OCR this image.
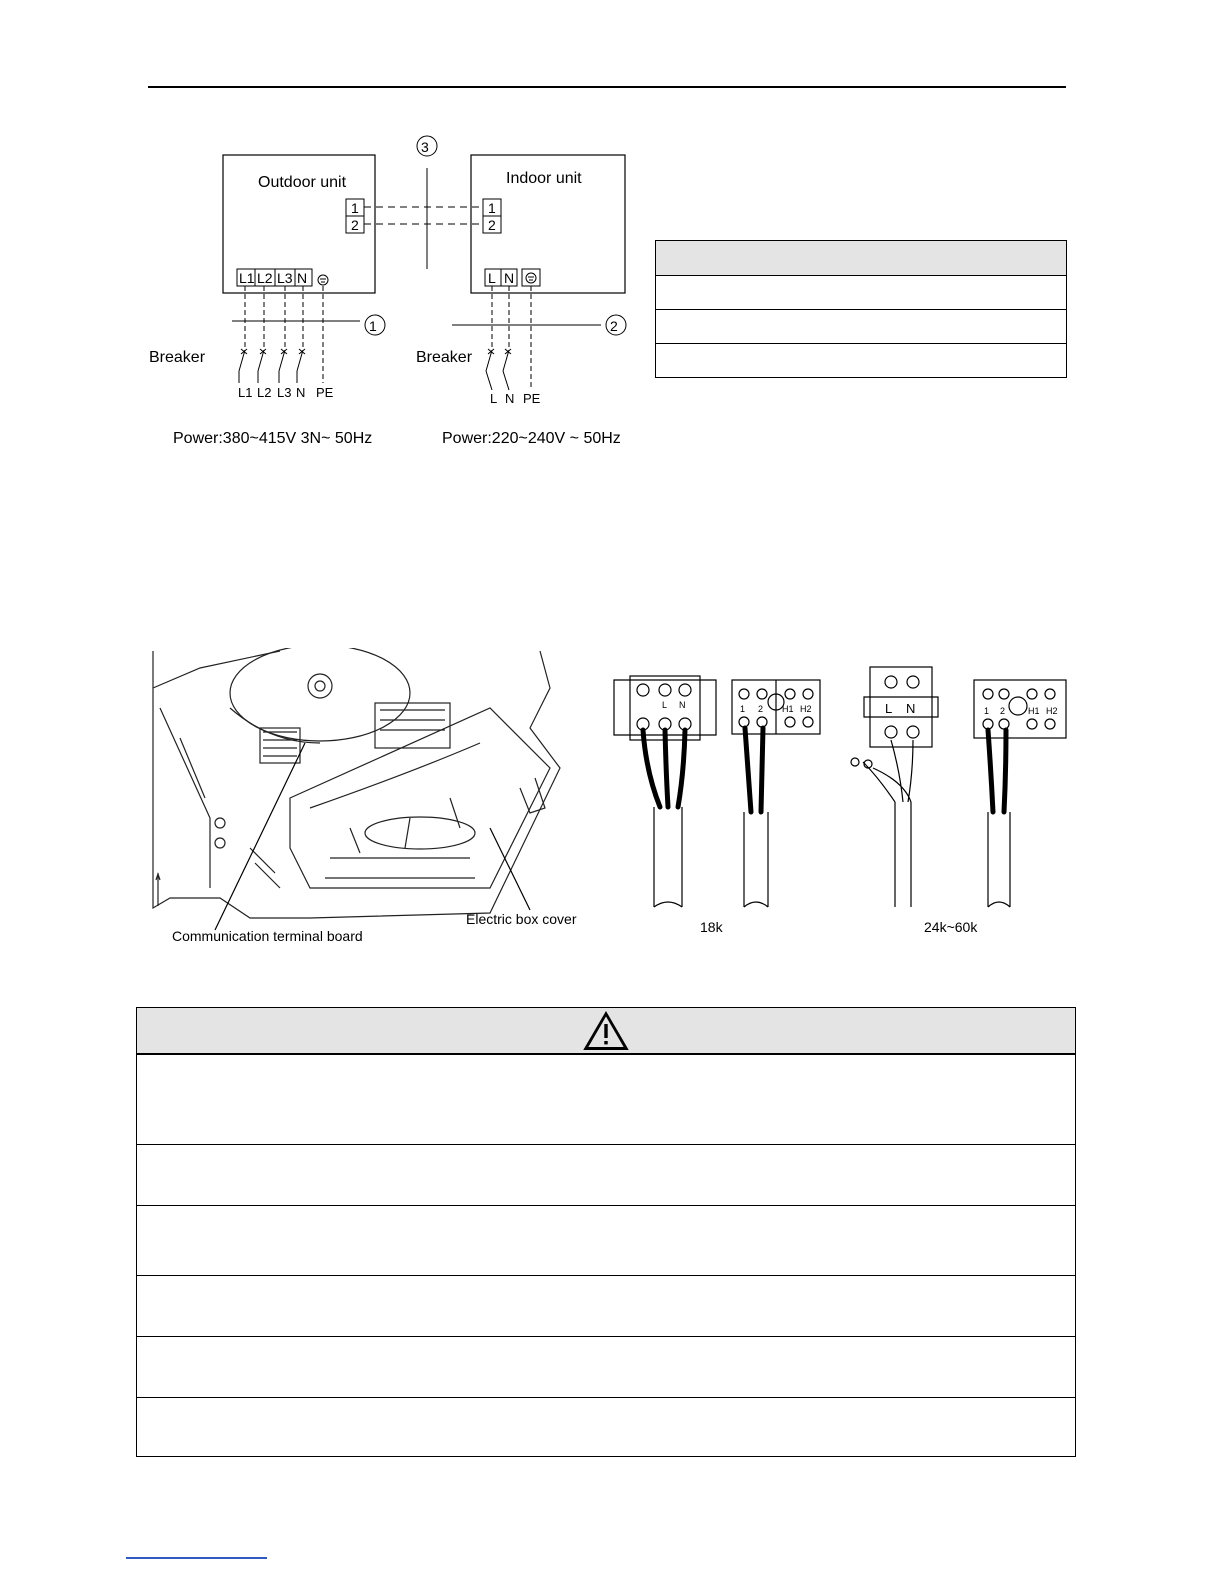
Outdoor unit	Indoor unit
1
2
1
2
3
L1 L2 L3 N	L N
1	2
Breaker	Breaker
L1 L2 L3 N PE	L N PE
Power:380~415V 3N~ 50Hz	Power:220~240V ~ 50Hz
Communication terminal board
Electric box cover
L N	1 2 H1 H2	L N	1 2	H1 H2
18k	24k~60k
